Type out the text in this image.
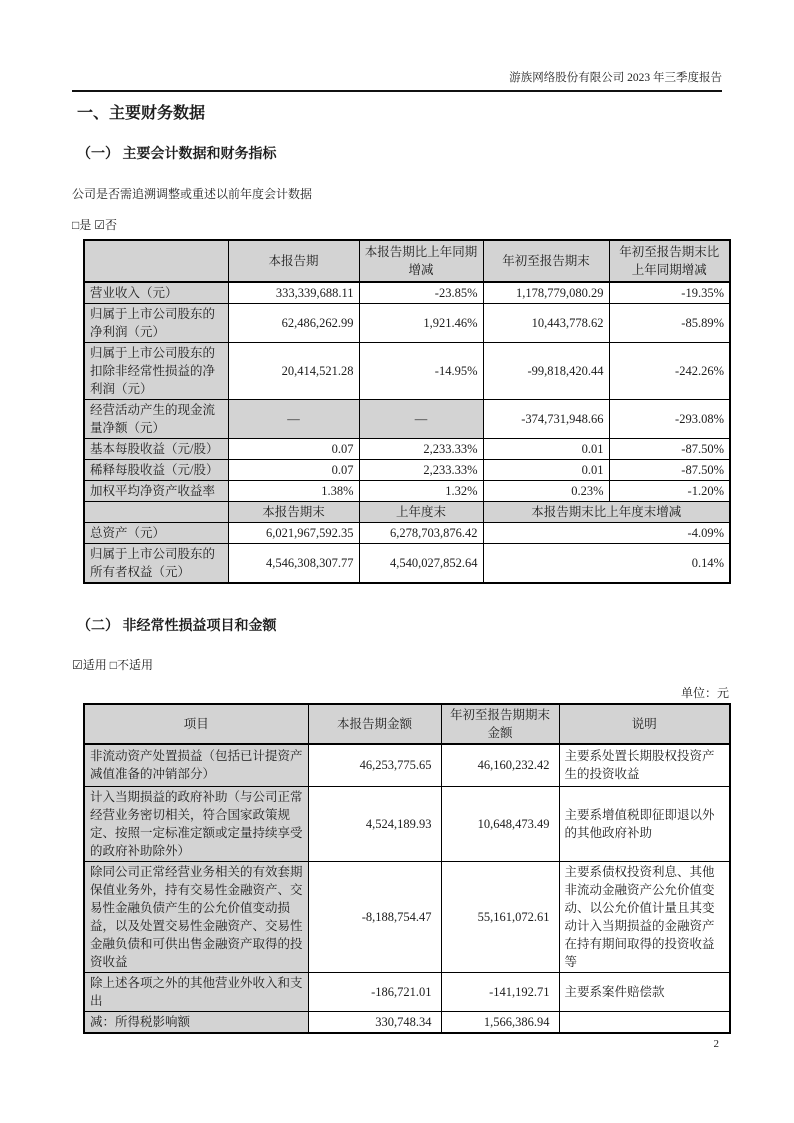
游族网络股份有限公司 2023 年三季度报告
一、主要财务数据
（一） 主要会计数据和财务指标
公司是否需追溯调整或重述以前年度会计数据
□是 ☑否
	本报告期	本报告期比上年同期增减	年初至报告期末	年初至报告期末比上年同期增减
营业收入（元）	333,339,688.11	-23.85%	1,178,779,080.29	-19.35%
归属于上市公司股东的净利润（元）	62,486,262.99	1,921.46%	10,443,778.62	-85.89%
归属于上市公司股东的扣除非经常性损益的净利润（元）	20,414,521.28	-14.95%	-99,818,420.44	-242.26%
经营活动产生的现金流量净额（元）	—	—	-374,731,948.66	-293.08%
基本每股收益（元/股）	0.07	2,233.33%	0.01	-87.50%
稀释每股收益（元/股）	0.07	2,233.33%	0.01	-87.50%
加权平均净资产收益率	1.38%	1.32%	0.23%	-1.20%
	本报告期末	上年度末	本报告期末比上年度末增减	
总资产（元）	6,021,967,592.35	6,278,703,876.42	-4.09%	
归属于上市公司股东的所有者权益（元）	4,546,308,307.77	4,540,027,852.64	0.14%	
（二） 非经常性损益项目和金额
☑适用 □不适用
单位：元
项目	本报告期金额	年初至报告期期末金额	说明
非流动资产处置损益（包括已计提资产减值准备的冲销部分）	46,253,775.65	46,160,232.42	主要系处置长期股权投资产生的投资收益
计入当期损益的政府补助（与公司正常经营业务密切相关，符合国家政策规定、按照一定标准定额或定量持续享受的政府补助除外）	4,524,189.93	10,648,473.49	主要系增值税即征即退以外的其他政府补助
除同公司正常经营业务相关的有效套期保值业务外，持有交易性金融资产、交易性金融负债产生的公允价值变动损益，以及处置交易性金融资产、交易性金融负债和可供出售金融资产取得的投资收益	-8,188,754.47	55,161,072.61	主要系债权投资利息、其他非流动金融资产公允价值变动、以公允价值计量且其变动计入当期损益的金融资产在持有期间取得的投资收益等
除上述各项之外的其他营业外收入和支出	-186,721.01	-141,192.71	主要系案件赔偿款
减：所得税影响额	330,748.34	1,566,386.94	
2
